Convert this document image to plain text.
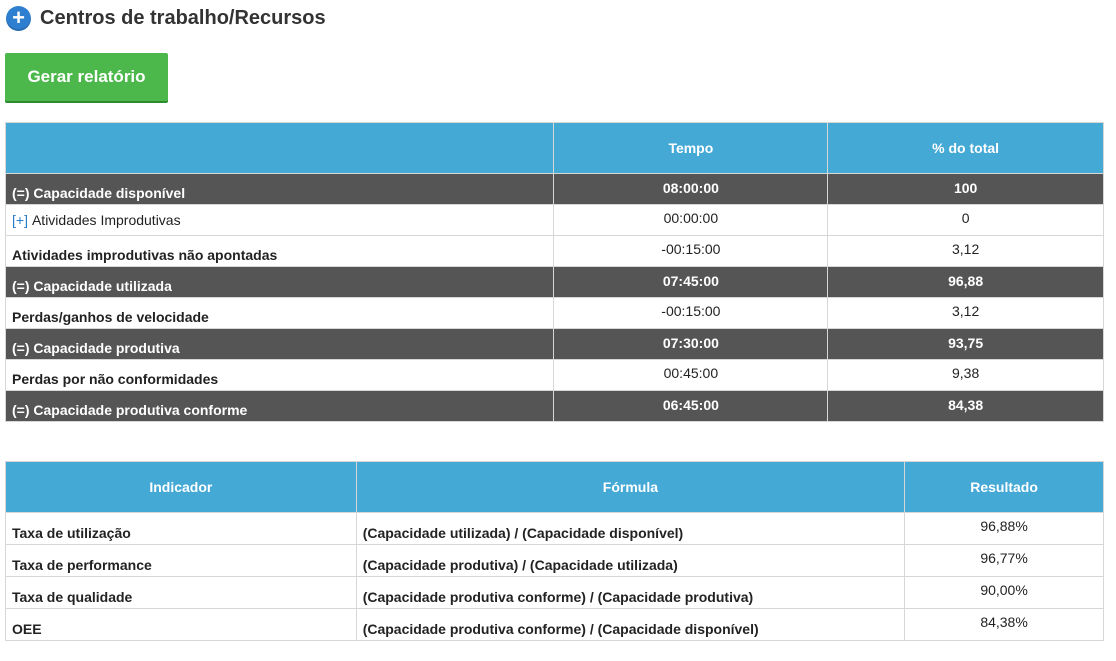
+ Centros de trabalho/Recursos
Gerar relatório
	Tempo	% do total
(=) Capacidade disponível	08:00:00	100
[+] Atividades Improdutivas	00:00:00	0
Atividades improdutivas não apontadas	-00:15:00	3,12
(=) Capacidade utilizada	07:45:00	96,88
Perdas/ganhos de velocidade	-00:15:00	3,12
(=) Capacidade produtiva	07:30:00	93,75
Perdas por não conformidades	00:45:00	9,38
(=) Capacidade produtiva conforme	06:45:00	84,38
Indicador	Fórmula	Resultado
Taxa de utilização	(Capacidade utilizada) / (Capacidade disponível)	96,88%
Taxa de performance	(Capacidade produtiva) / (Capacidade utilizada)	96,77%
Taxa de qualidade	(Capacidade produtiva conforme) / (Capacidade produtiva)	90,00%
OEE	(Capacidade produtiva conforme) / (Capacidade disponível)	84,38%
